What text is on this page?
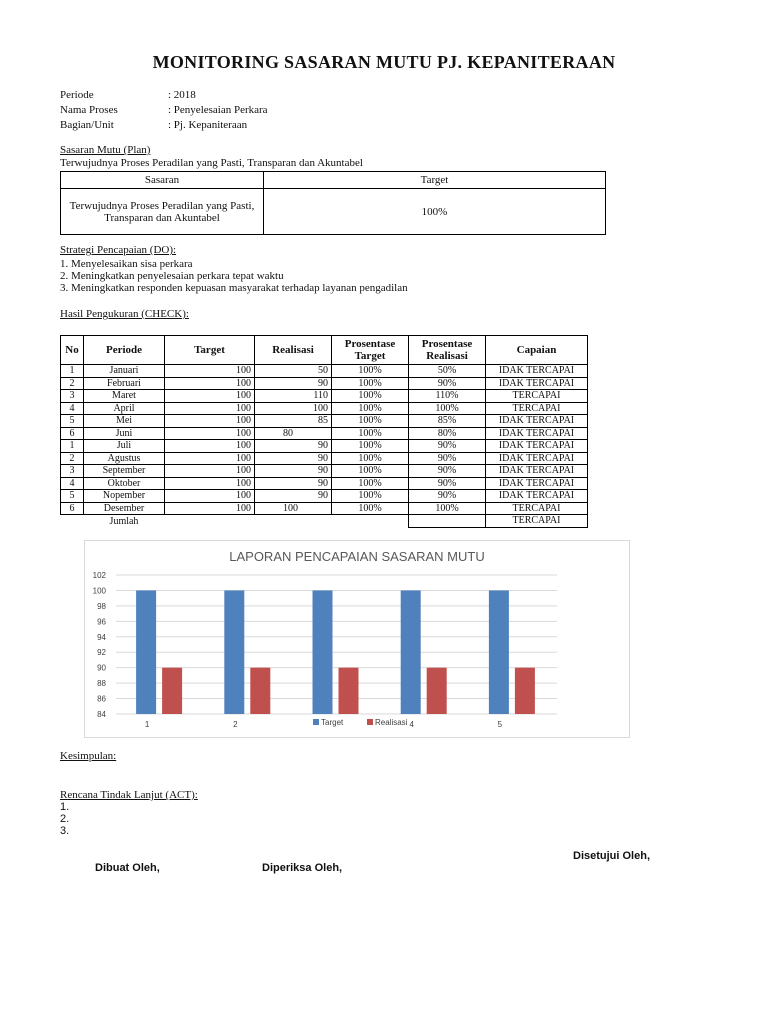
MONITORING SASARAN MUTU PJ. KEPANITERAAN
Periode	: 2018
Nama Proses	: Penyelesaian Perkara
Bagian/Unit	: Pj. Kepaniteraan
Sasaran Mutu (Plan)
Terwujudnya Proses Peradilan yang Pasti, Transparan dan Akuntabel
Sasaran	Target

Terwujudnya Proses Peradilan yang Pasti,
Transparan dan Akuntabel	100%
Strategi Pencapaian (DO):
1. Menyelesaikan sisa perkara
2. Meningkatkan penyelesaian perkara tepat waktu
3. Meningkatkan responden kepuasan masyarakat terhadap layanan pengadilan
Hasil Pengukuran (CHECK):
No	Periode	Target	Realisasi	Prosentase Target	Prosentase Realisasi	Capaian
1	Januari	100	50	100%	50%	IDAK TERCAPAI
2	Februari	100	90	100%	90%	IDAK TERCAPAI
3	Maret	100	110	100%	110%	TERCAPAI
4	April	100	100	100%	100%	TERCAPAI
5	Mei	100	85	100%	85%	IDAK TERCAPAI
6	Juni	100	80	100%	80%	IDAK TERCAPAI
1	Juli	100	90	100%	90%	IDAK TERCAPAI
2	Agustus	100	90	100%	90%	IDAK TERCAPAI
3	September	100	90	100%	90%	IDAK TERCAPAI
4	Oktober	100	90	100%	90%	IDAK TERCAPAI
5	Nopember	100	90	100%	90%	IDAK TERCAPAI
6	Desember	100	100	100%	100%	TERCAPAI
	Jumlah					TERCAPAI
LAPORAN PENCAPAIAN SASARAN MUTU
84
86
88
90
92
94
96
98
100
102
1	2	4	5
Target	Realisasi
Kesimpulan:
Rencana Tindak Lanjut (ACT):
1.
2.
3.
Dibuat Oleh,	Diperiksa Oleh,
Disetujui Oleh,
